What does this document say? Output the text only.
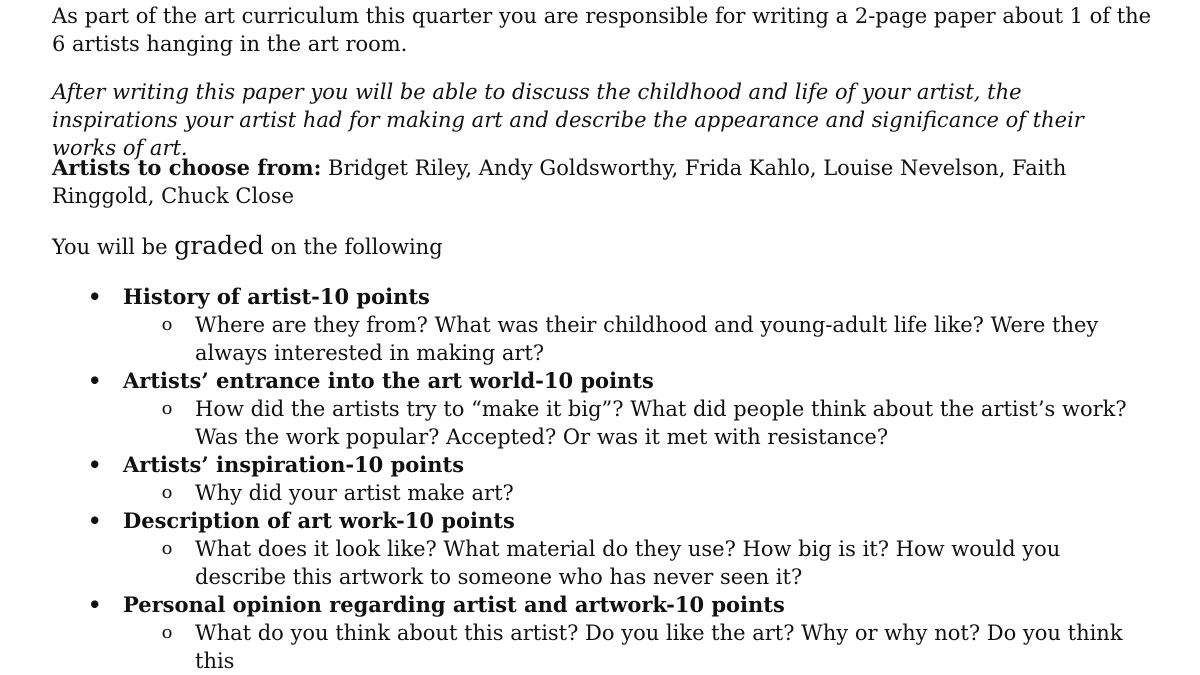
As part of the art curriculum this quarter you are responsible for writing a 2-page paper about 1 of the 6 artists hanging in the art room.

After writing this paper you will be able to discuss the childhood and life of your artist, the inspirations your artist had for making art and describe the appearance and significance of their works of art.

Artists to choose from: Bridget Riley, Andy Goldsworthy, Frida Kahlo, Louise Nevelson, Faith Ringgold, Chuck Close

You will be graded on the following

• History of artist-10 points
o Where are they from? What was their childhood and young-adult life like? Were they always interested in making art?
• Artists’ entrance into the art world-10 points
o How did the artists try to “make it big”? What did people think about the artist’s work? Was the work popular? Accepted? Or was it met with resistance?
• Artists’ inspiration-10 points
o Why did your artist make art?
• Description of art work-10 points
o What does it look like? What material do they use? How big is it? How would you describe this artwork to someone who has never seen it?
• Personal opinion regarding artist and artwork-10 points
o What do you think about this artist? Do you like the art? Why or why not? Do you think this
